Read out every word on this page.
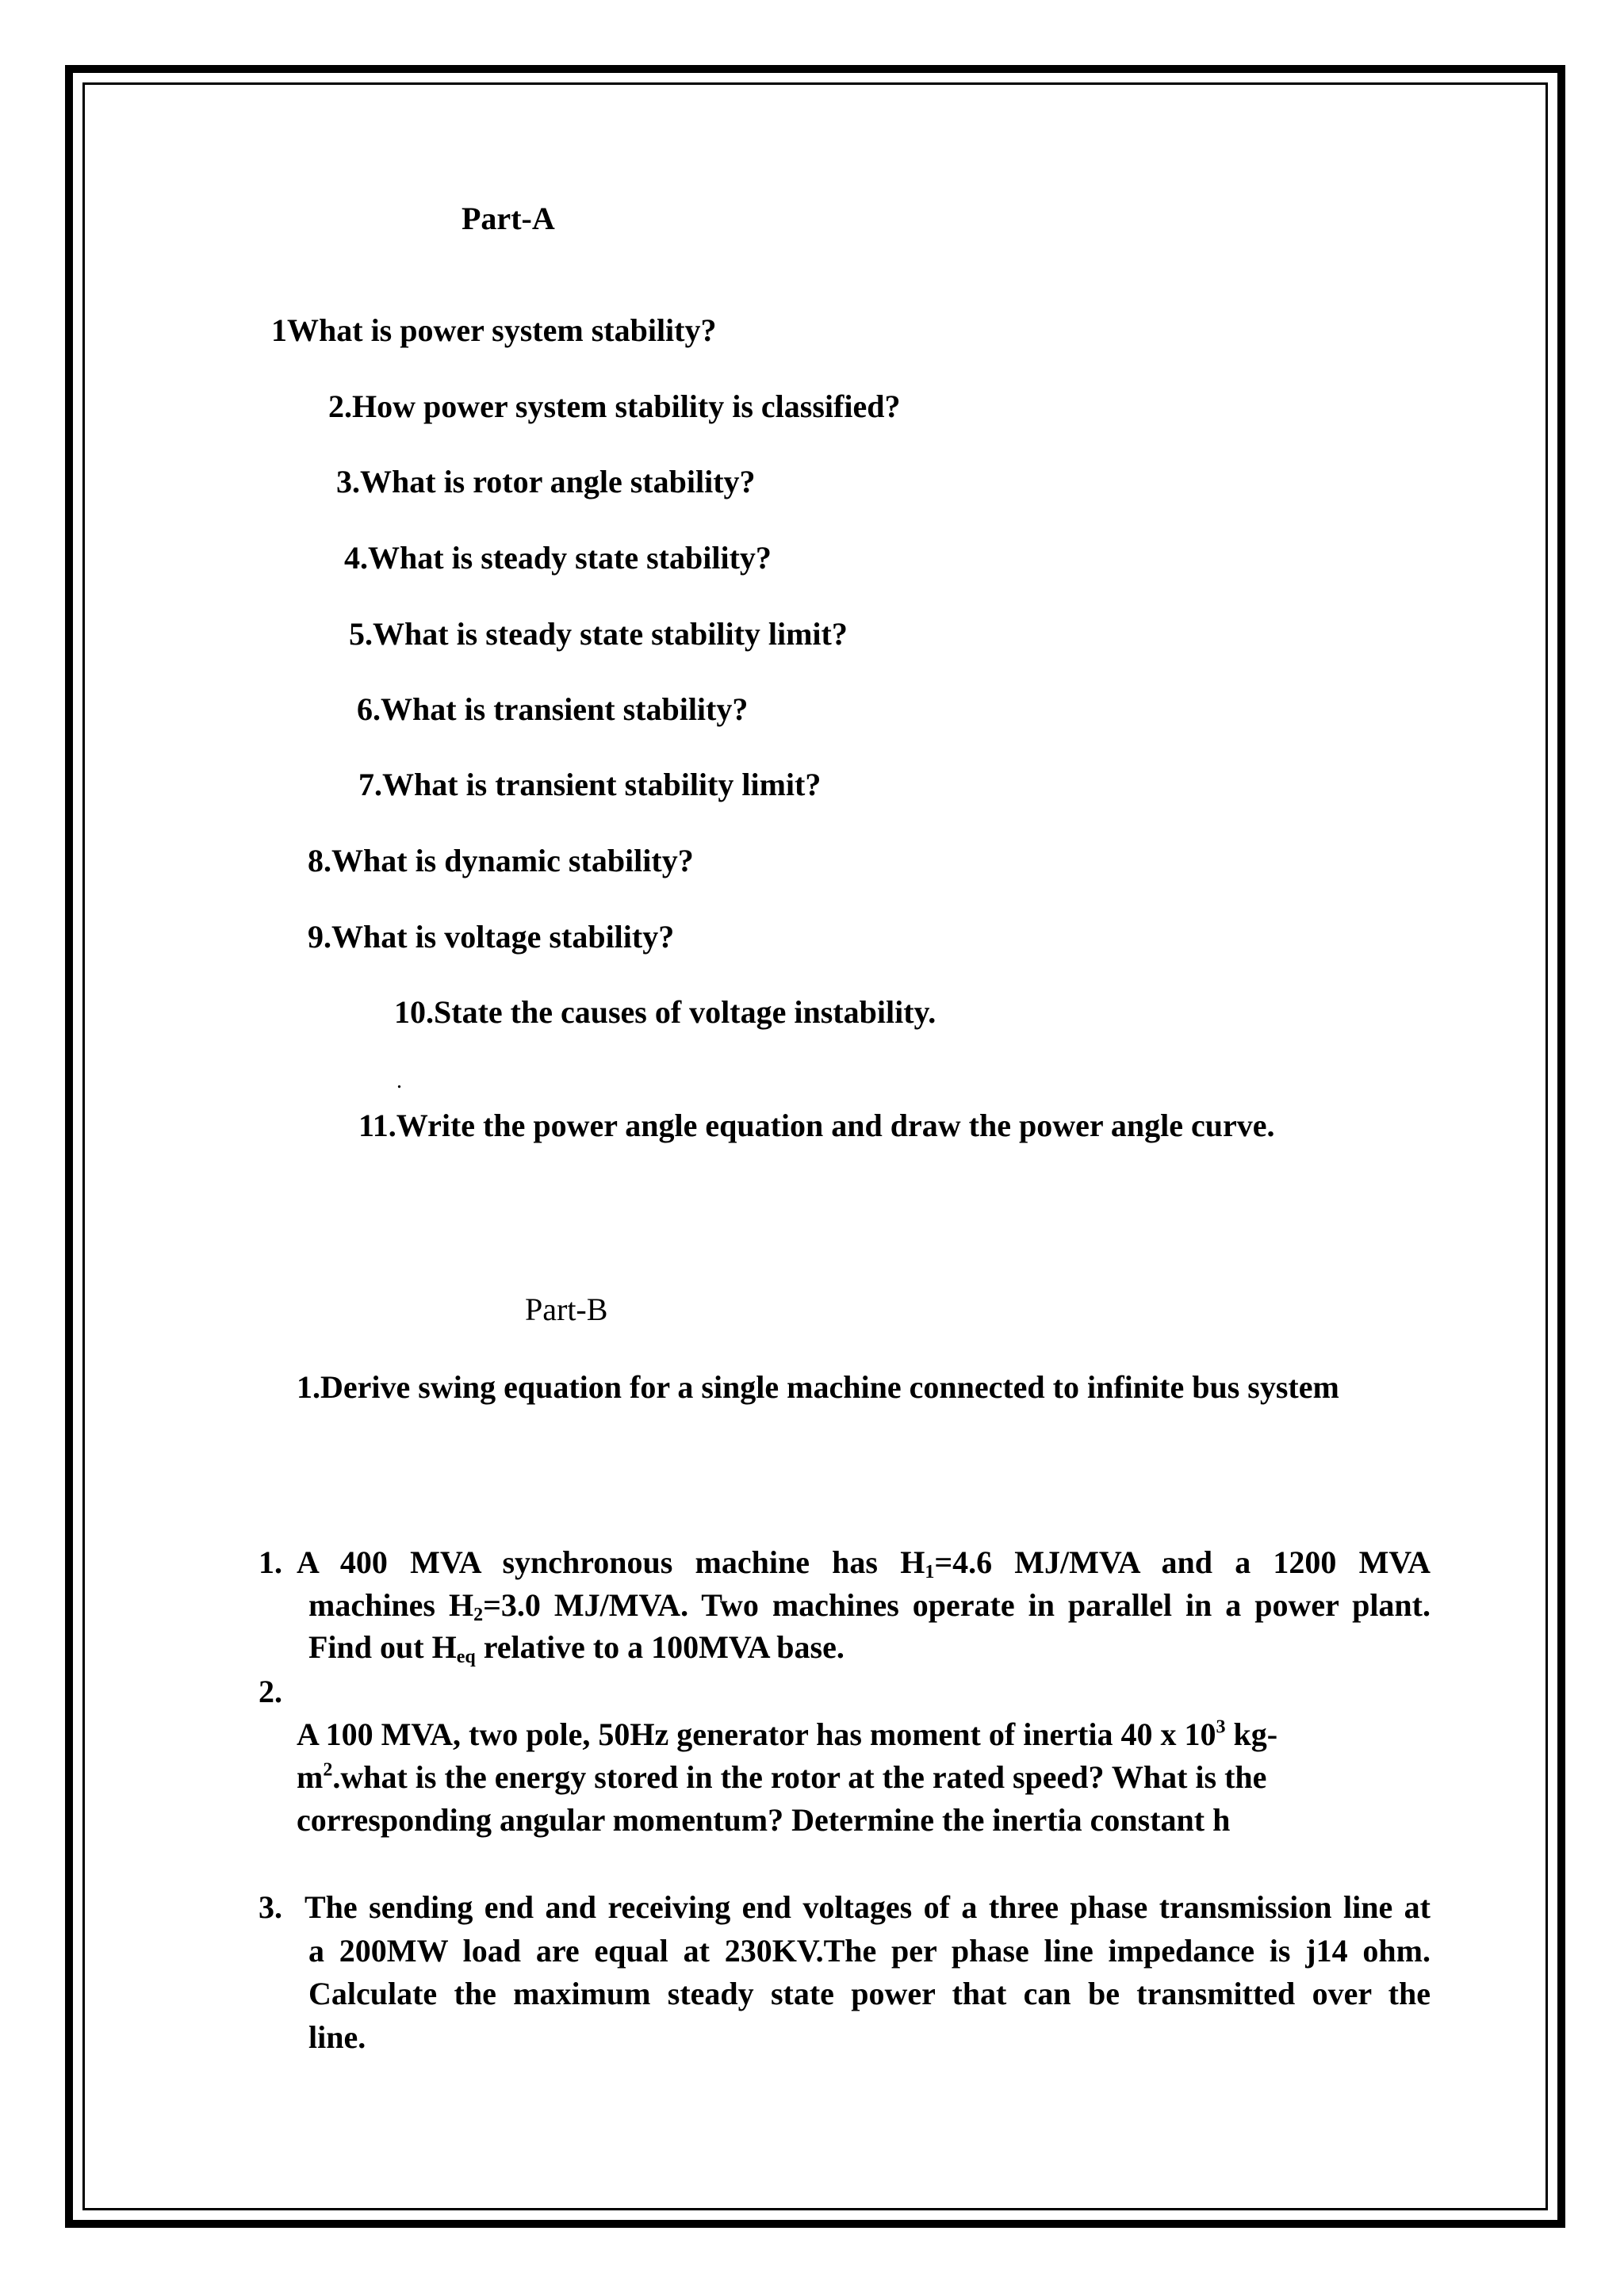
Part-A
1What is power system stability?
2.How power system stability is classified?
3.What is rotor angle stability?
4.What is steady state stability?
5.What is steady state stability limit?
6.What is transient stability?
7.What is transient stability limit?
8.What is dynamic stability?
9.What is voltage stability?
10.State the causes of voltage instability.
.
11.Write the power angle equation and draw the power angle curve.
Part-B
1.Derive swing equation for a single machine connected to infinite bus system
1. A 400 MVA synchronous machine has $H_1=4.6$ MJ/MVA and a 1200 MVA
machines $H_2=3.0$ MJ/MVA. Two machines operate in parallel in a power plant.
Find out $H_{eq}$ relative to a 100MVA base.
2.
A 100 MVA, two pole, 50Hz generator has moment of inertia 40 x $10^3$ kg-
$m^2.what$ is the energy stored in the rotor at the rated speed? What is the
corresponding angular momentum? Determine the inertia constant h
3. The sending end and receiving end voltages of a three phase transmission line at
a 200MW load are equal at 230KV.The per phase line impedance is j14 ohm.
Calculate the maximum steady state power that can be transmitted over the
line.
